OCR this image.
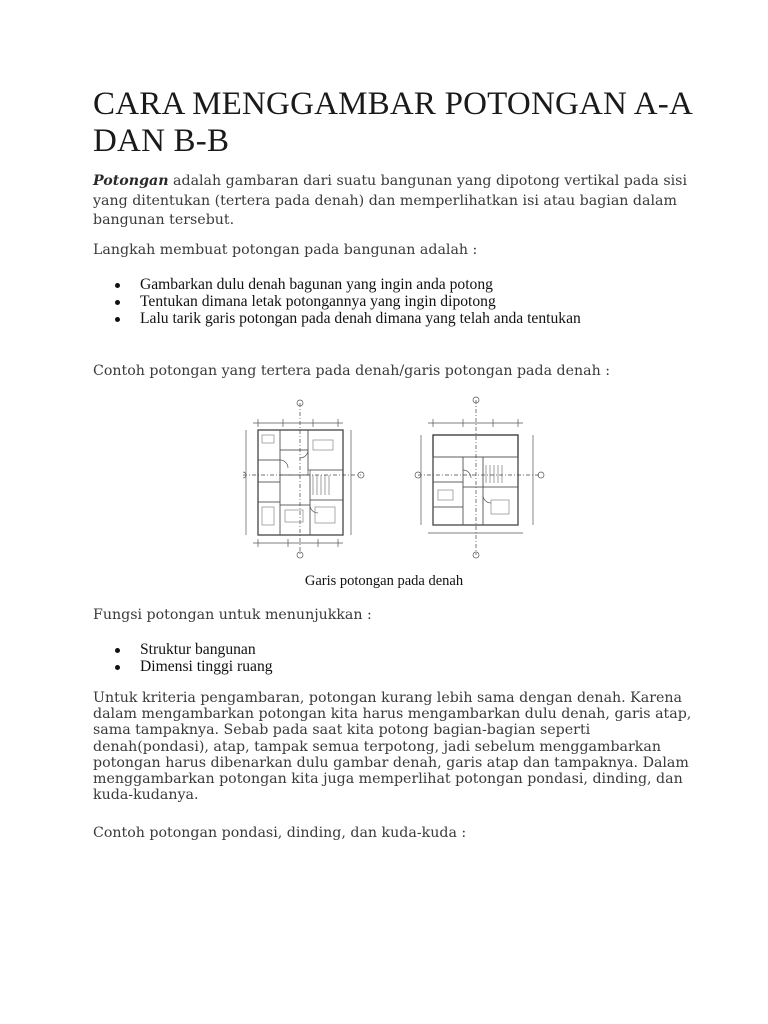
CARA MENGGAMBAR POTONGAN A-A DAN B-B

Potongan adalah gambaran dari suatu bangunan yang dipotong vertikal pada sisi yang ditentukan (tertera pada denah) dan memperlihatkan isi atau bagian dalam bangunan tersebut.

Langkah membuat potongan pada bangunan adalah :

Gambarkan dulu denah bagunan yang ingin anda potong
Tentukan dimana letak potongannya yang ingin dipotong
Lalu tarik garis potongan pada denah dimana yang telah anda tentukan

Contoh potongan yang tertera pada denah/garis potongan pada denah :

Garis potongan pada denah

Fungsi potongan untuk menunjukkan :

Struktur bangunan
Dimensi tinggi ruang

Untuk kriteria pengambaran, potongan kurang lebih sama dengan denah. Karena dalam mengambarkan potongan kita harus mengambarkan dulu denah, garis atap, sama tampaknya. Sebab pada saat kita potong bagian-bagian seperti denah(pondasi), atap, tampak semua terpotong, jadi sebelum menggambarkan potongan harus dibenarkan dulu gambar denah, garis atap dan tampaknya. Dalam menggambarkan potongan kita juga memperlihat potongan pondasi, dinding, dan kuda-kudanya.

Contoh potongan pondasi, dinding, dan kuda-kuda :
